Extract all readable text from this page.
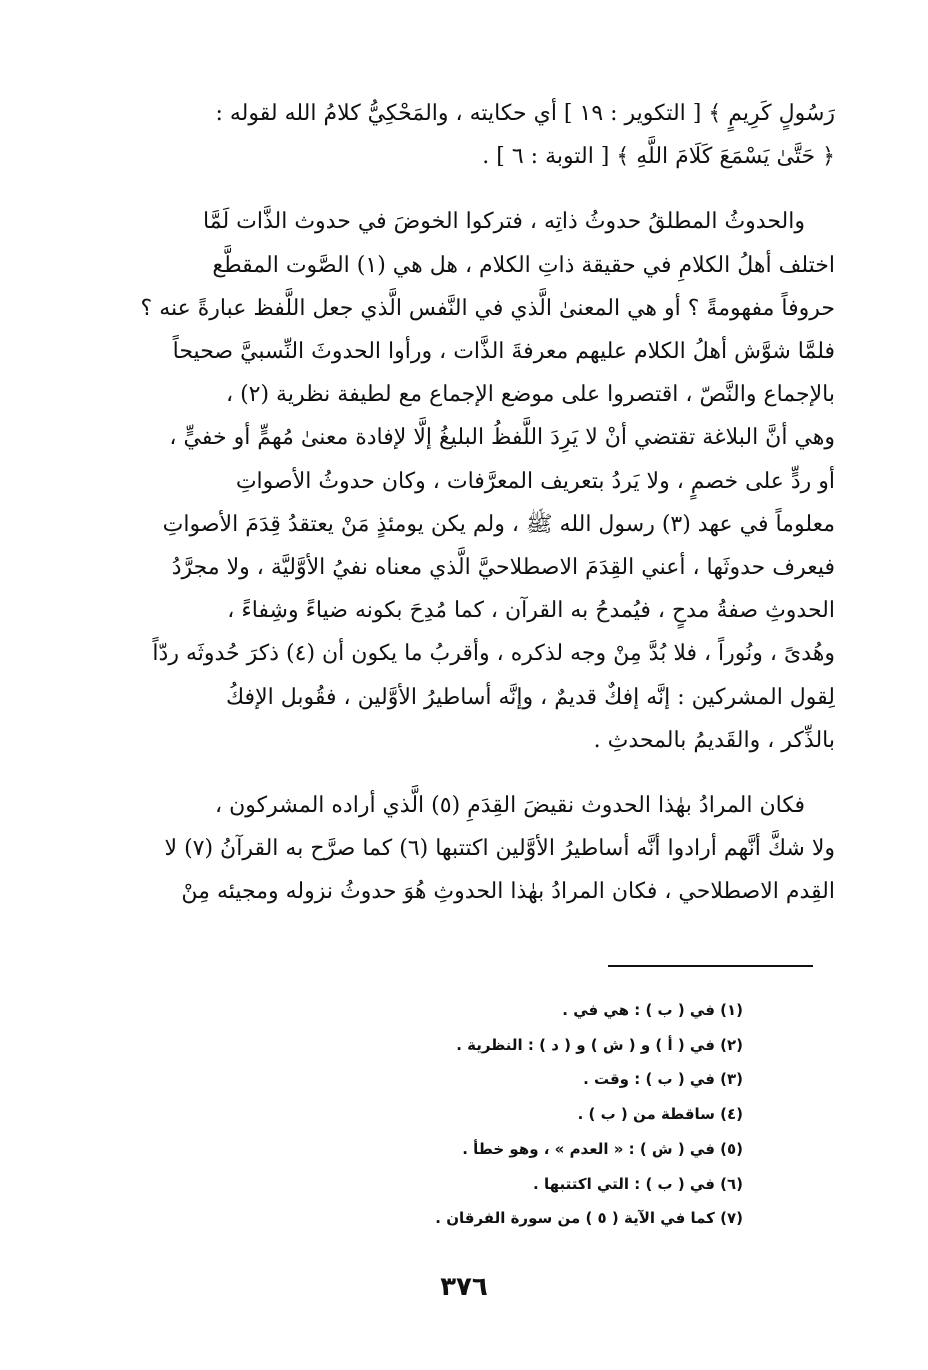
رَسُولٍ كَرِيمٍ ﴾ [ التكوير : ١٩ ] أي حكايته ، والمَحْكِيُّ كلامُ الله لقوله :
﴿ حَتَّىٰ يَسْمَعَ كَلَامَ اللَّهِ ﴾ [ التوبة : ٦ ] .
والحدوثُ المطلقُ حدوثُ ذاتِه ، فتركوا الخوضَ في حدوث الذَّات لَمَّا
اختلف أهلُ الكلامِ في حقيقة ذاتِ الكلام ، هل هي (١) الصَّوت المقطَّع
حروفاً مفهومةً ؟ أو هي المعنىٰ الَّذي في النَّفس الَّذي جعل اللَّفظ عبارةً عنه ؟
فلمَّا شوَّش أهلُ الكلام عليهم معرفةَ الذَّات ، ورأوا الحدوثَ النِّسبيَّ صحيحاً
بالإجماع والنَّصّ ، اقتصروا على موضع الإجماع مع لطيفة نظرية (٢) ،
وهي أنَّ البلاغة تقتضي أنْ لا يَرِدَ اللَّفظُ البليغُ إلَّا لإفادة معنىٰ مُهمٍّ أو خفيٍّ ،
أو ردٍّ على خصمٍ ، ولا يَردُ بتعريف المعرَّفات ، وكان حدوثُ الأصواتِ
معلوماً في عهد (٣) رسول الله ﷺ ، ولم يكن يومئذٍ مَنْ يعتقدُ قِدَمَ الأصواتِ
فيعرف حدوثَها ، أعني القِدَمَ الاصطلاحيَّ الَّذي معناه نفيُ الأوَّليَّة ، ولا مجرَّدُ
الحدوثِ صفةُ مدحٍ ، فيُمدحُ به القرآن ، كما مُدِحَ بكونه ضياءً وشِفاءً ،
وهُدىً ، ونُوراً ، فلا بُدَّ مِنْ وجه لذكره ، وأقربُ ما يكون أن (٤) ذكرَ حُدوثَه ردّاً
لِقول المشركين : إنَّه إفكٌ قديمٌ ، وإنَّه أساطيرُ الأوَّلين ، فقُوبل الإفكُ
بالذِّكر ، والقَديمُ بالمحدثِ .
فكان المرادُ بهٰذا الحدوث نقيضَ القِدَمِ (٥) الَّذي أراده المشركون ،
ولا شكَّ أنَّهم أرادوا أنَّه أساطيرُ الأوَّلين اكتتبها (٦) كما صرَّح به القرآنُ (٧) لا
القِدم الاصطلاحي ، فكان المرادُ بهٰذا الحدوثِ هُوَ حدوثُ نزوله ومجيئه مِنْ
(١) في ( ب ) : هي في .
(٢) في ( أ ) و ( ش ) و ( د ) : النظرية .
(٣) في ( ب ) : وقت .
(٤) ساقطة من ( ب ) .
(٥) في ( ش ) : « العدم » ، وهو خطأ .
(٦) في ( ب ) : التي اكتتبها .
(٧) كما في الآية ( ٥ ) من سورة الفرقان .
٣٧٦
